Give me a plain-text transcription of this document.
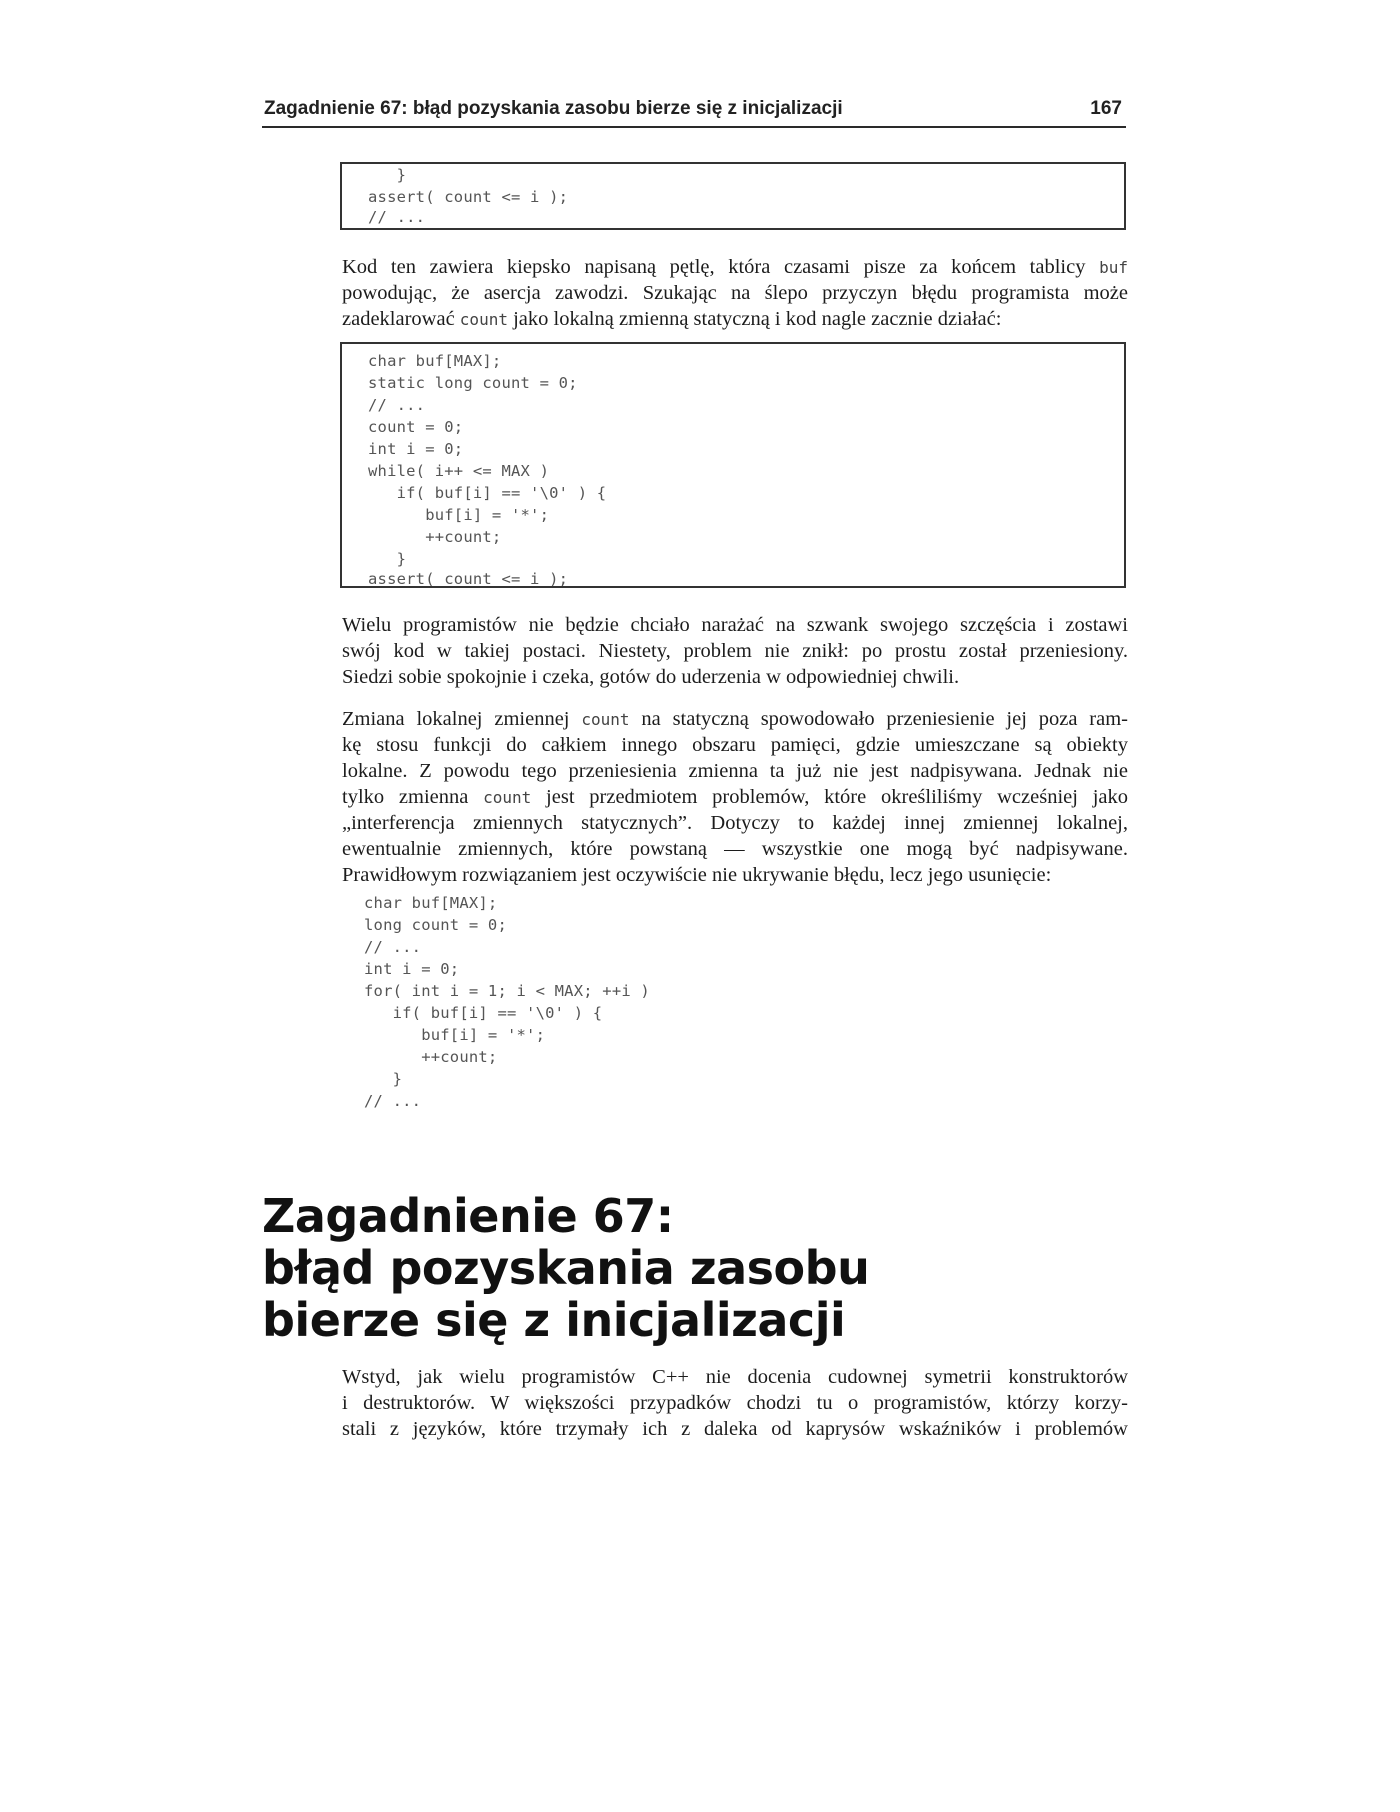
Zagadnienie 67: błąd pozyskania zasobu bierze się z inicjalizacji	167
}
assert( count <= i );
// ...
Kod ten zawiera kiepsko napisaną pętlę, która czasami pisze za końcem tablicy buf
powodując, że asercja zawodzi. Szukając na ślepo przyczyn błędu programista może
zadeklarować count jako lokalną zmienną statyczną i kod nagle zacznie działać:
char buf[MAX];
static long count = 0;
// ...
count = 0;
int i = 0;
while( i++ <= MAX )
if( buf[i] == '\0' ) {
buf[i] = '*';
++count;
}
assert( count <= i );
Wielu programistów nie będzie chciało narażać na szwank swojego szczęścia i zostawi
swój kod w takiej postaci. Niestety, problem nie znikł: po prostu został przeniesiony.
Siedzi sobie spokojnie i czeka, gotów do uderzenia w odpowiedniej chwili.
Zmiana lokalnej zmiennej count na statyczną spowodowało przeniesienie jej poza ram-
kę stosu funkcji do całkiem innego obszaru pamięci, gdzie umieszczane są obiekty
lokalne. Z powodu tego przeniesienia zmienna ta już nie jest nadpisywana. Jednak nie
tylko zmienna count jest przedmiotem problemów, które określiliśmy wcześniej jako
„interferencja zmiennych statycznych”. Dotyczy to każdej innej zmiennej lokalnej,
ewentualnie zmiennych, które powstaną — wszystkie one mogą być nadpisywane.
Prawidłowym rozwiązaniem jest oczywiście nie ukrywanie błędu, lecz jego usunięcie:
char buf[MAX];
long count = 0;
// ...
int i = 0;
for( int i = 1; i < MAX; ++i )
if( buf[i] == '\0' ) {
buf[i] = '*';
++count;
}
// ...
Zagadnienie 67:
błąd pozyskania zasobu
bierze się z inicjalizacji
Wstyd, jak wielu programistów C++ nie docenia cudownej symetrii konstruktorów
i destruktorów. W większości przypadków chodzi tu o programistów, którzy korzy-
stali z języków, które trzymały ich z daleka od kaprysów wskaźników i problemów
